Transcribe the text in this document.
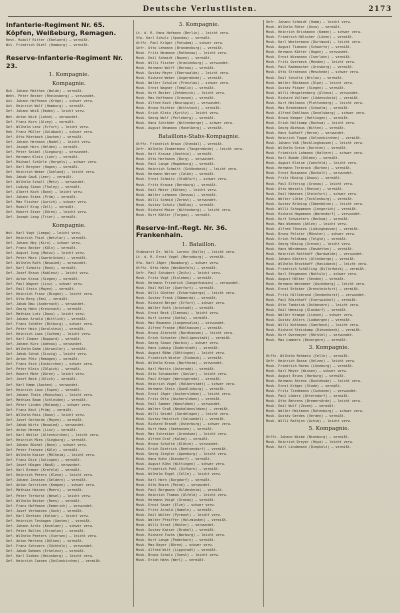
Deutsche Verlustlisten.	2173
Infanterie-Regiment Nr. 65. Köpfen, Weißeburg, Remagen.
Rest. Rudolf Ritter (Ebelwerd) — vermißt.
Wit. Friedrich Dietl (Hamburg) — vermißt.
Reserve-Infanterie-Regiment Nr. 23.
1. Kompagnie.
Kompagnie.
Bch. Johann Matthes (Walde) — vermißt.
Weht. Peter Becker (Rheinsberg) — verwundet.
Aut. Johann Hoffmann (Kröge) — schwer verw.
Aut. Heinrich Wolf (Homburg) — vermißt.
Gef. Johann Weiß (Emden) — leicht verw.
Wet. Anton Wick (Lohne) — verwundet.
Gef. Franz Korn (Alzey) — vermißt.
Gef. Wilhelm Lenz (Erfurt) — leicht verw.
Rek. Franz Müller (Goldbach) — schwer verw.
Gef. Otto Mierbach (Aachen) — vermißt.
Gef. Johann Hermann (Nadel) — leicht verw.
Gef. Joseph Horn (Helden) — vermißt.
Gef. Peter Seibel (Siegburg) — verwundet.
Gef. Hermann Klein (Lohr) — vermißt.
Gef. Michael Schürle (Hergels) — schwer verw.
Gef. Karl Bergner (Hagen) — vermißt.
Gef. Heinrich Weber (Sohland) — leicht verw.
Rek. Jakob Gauß (Leer) — vermißt.
Gef. Wilhelm Scholl (Metz) — verwundet.
Gef. Ludwig Simon (Tholey) — vermißt.
Gef. Albert Koch (Bonn) — leicht verw.
Gef. Johann Eckes (Prüm) — vermißt.
Gef. Max Fischer (Aurich) — schwer verw.
Gef. Rudolf Krug (Zell) — vermißt.
Gef. Hubert Esser (Düren) — leicht verw.
Gef. Joseph Lang (Trier) — vermißt.
Kompagnie.
Wst. Karl Vogt (Lemgo) — leicht verw.
Gef. Heinrich Thiel (Wetzlar) — vermißt.
Gef. Johann Ney (Kirn) — schwer verw.
Gef. Franz Becker (Köln) — vermißt.
Gef. August Jung (Mainz) — leicht verw.
Gef. Peter Marx (Saarbrücken) — vermißt.
Gef. Wilhelm Roth (Neuwied) — verwundet.
Gef. Karl Schmitz (Bonn) — vermißt.
Gef. Josef Braun (Koblenz) — leicht verw.
Gef. Anton Kraus (Siegen) — vermißt.
Gef. Paul Wagner (Linz) — schwer verw.
Gef. Emil Stein (Mayen) — vermißt.
Gef. Heinrich Franz (Bingen) — leicht verw.
Gef. Otto Berg (Ems) — vermißt.
Gef. Jakob Nau (Andernach) — verwundet.
Gef. Georg Hahn (Kreuznach) — vermißt.
Gef. Mathias Lutz (Daun) — leicht verw.
Gef. Johann Arnold (Wittlich) — vermißt.
Gef. Franz Schäfer (Bitburg) — schwer verw.
Gef. Peter Hein (Gerolstein) — vermißt.
Gef. Heinrich Loos (Cochem) — leicht verw.
Gef. Karl Zimmer (Boppard) — vermißt.
Gef. Johann Kurz (Adenau) — verwundet.
Gef. Wilhelm Dahm (Ahrweiler) — vermißt.
Gef. Jakob Schuh (Sinzig) — leicht verw.
Gef. Anton Pütz (Remagen) — vermißt.
Gef. Franz Esch (Euskirchen) — schwer verw.
Gef. Peter Klein (Zülpich) — vermißt.
Gef. Hubert Mohr (Düren) — leicht verw.
Gef. Josef Beck (Jülich) — vermißt.
Gef. Karl Hamm (Aachen) — verwundet.
Gef. Heinrich Laux (Eupen) — vermißt.
Gef. Johann Theis (Monschau) — leicht verw.
Gef. Mathias Baum (Schleiden) — vermißt.
Gef. Peter Linden (Malmedy) — schwer verw.
Gef. Franz Keul (Prüm) — vermißt.
Gef. Wilhelm Reis (Daun) — leicht verw.
Gef. Josef Gerhards (Mayen) — vermißt.
Gef. Jakob Wirtz (Neuwied) — verwundet.
Gef. Anton Hermes (Linz) — vermißt.
Gef. Karl Weiler (Altenkirchen) — leicht verw.
Gef. Heinrich Mies (Siegburg) — vermißt.
Gef. Johann Büchel (Bonn) — schwer verw.
Gef. Peter Franzen (Köln) — vermißt.
Gef. Wilhelm Kaiser (Mülheim) — leicht verw.
Gef. Franz Dick (Solingen) — vermißt.
Gef. Josef Hüsgen (Neuß) — verwundet.
Gef. Karl Bremer (Krefeld) — vermißt.
Gef. Heinrich Peters (Kleve) — leicht verw.
Gef. Johann Janssen (Geldern) — vermißt.
Gef. Anton Gerritzen (Kempen) — schwer verw.
Gef. Mathias Heinen (Moers) — vermißt.
Gef. Peter Terhorst (Wesel) — leicht verw.
Gef. Wilhelm Becker (Rees) — vermißt.
Gef. Franz Hoffmann (Emmerich) — verwundet.
Gef. Josef Verhoeven (Goch) — vermißt.
Gef. Karl Derksen (Kalkar) — leicht verw.
Gef. Heinrich Tenhagen (Xanten) — vermißt.
Gef. Johann Arntz (Kevelaer) — schwer verw.
Gef. Peter Bollen (Straelen) — vermißt.
Gef. Wilhelm Peeters (Viersen) — leicht verw.
Gef. Anton Mertens (Dülken) — vermißt.
Gef. Franz Schroers (Süchteln) — verwundet.
Gef. Jakob Dohmen (Erkelenz) — vermißt.
Gef. Karl Sieben (Heinsberg) — leicht verw.
Gef. Heinrich Coenen (Geilenkirchen) — vermißt.
3. Kompagnie.
Lt. d. R. Hans Hofmann (Berlin) — leicht verw.
Vfw. Karl Schulz (Spandau) — vermißt.
Utffz. Paul Krüger (Potsdam) — schwer verw.
Gefr. Otto Lehmann (Brandenburg) — vermißt.
Musk. Fritz Neumann (Rathenow) — leicht verw.
Musk. Emil Schmidt (Nauen) — vermißt.
Musk. Willi Fischer (Oranienburg) — verwundet.
Musk. Hermann Wolff (Bernau) — vermißt.
Musk. Gustav Meyer (Eberswalde) — leicht verw.
Musk. Richard Weber (Angermünde) — vermißt.
Musk. Walter Schulze (Prenzlau) — schwer verw.
Musk. Ernst Wagner (Templin) — vermißt.
Musk. Kurt Becker (Zehdenick) — leicht verw.
Musk. Max Hoffmann (Gransee) — vermißt.
Musk. Alfred Koch (Neuruppin) — verwundet.
Musk. Bruno Richter (Wittstock) — vermißt.
Musk. Erich Klein (Kyritz) — leicht verw.
Musk. Georg Wolf (Perleberg) — vermißt.
Musk. Hans Schröder (Wittenberge) — schwer verw.
Musk. August Neumann (Havelberg) — vermißt.
Bataillons-Stabs-Kompagnie.
Utffz. Friedrich Braun (Stendal) — vermißt.
Gefr. Wilhelm Zimmermann (Tangermünde) — leicht verw.
Musk. Karl Krause (Genthin) — vermißt.
Musk. Otto Hartmann (Burg) — verwundet.
Musk. Paul Lange (Magdeburg) — vermißt.
Musk. Heinrich Schmitt (Schönebeck) — leicht verw.
Musk. Hermann Werner (Calbe) — vermißt.
Musk. Ernst Schmitz (Staßfurt) — schwer verw.
Musk. Fritz Krause (Bernburg) — vermißt.
Musk. Emil Meier (Köthen) — leicht verw.
Musk. Walter Lehmann (Dessau) — vermißt.
Musk. Willi Schmid (Zerbst) — verwundet.
Musk. Gustav Schulz (Roßlau) — vermißt.
Musk. Richard Maier (Wittenberg) — leicht verw.
Musk. Kurt Köhler (Torgau) — vermißt.
Reserve-Inf.-Regt. Nr. 36. Frankenhain.
1. Bataillon.
Stabsarzt Dr. Wilh. Lorenz (Halle) — leicht verw.
Lt. d. R. Ernst Vogel (Merseburg) — vermißt.
Vfw. Karl Jäger (Naumburg) — schwer verw.
Utffz. Otto Hahn (Weißenfels) — vermißt.
Gefr. Paul Schubert (Zeitz) — leicht verw.
Musk. Fritz Vogt (Eisleben) — vermißt.
Musk. Hermann Friedrich (Sangerhausen) — verwundet.
Musk. Emil Keller (Querfurt) — vermißt.
Musk. Willi Günther (Eckartsberga) — leicht verw.
Musk. Gustav Frank (Sömmerda) — vermißt.
Musk. Richard Berger (Erfurt) — schwer verw.
Musk. Walter Roth (Arnstadt) — vermißt.
Musk. Ernst Beck (Ilmenau) — leicht verw.
Musk. Kurt Lorenz (Gotha) — vermißt.
Musk. Max Baumann (Langensalza) — verwundet.
Musk. Alfred Franke (Mühlhausen) — vermißt.
Musk. Bruno Albrecht (Nordhausen) — leicht verw.
Musk. Erich Schuster (Heiligenstadt) — vermißt.
Musk. Georg Simon (Worbis) — schwer verw.
Musk. Hans Ludwig (Duderstadt) — vermißt.
Musk. August Böhm (Göttingen) — leicht verw.
Musk. Friedrich Winter (Einbeck) — vermißt.
Musk. Wilhelm Kraus (Northeim) — verwundet.
Musk. Karl Martin (Osterode) — vermißt.
Musk. Otto Schumacher (Goslar) — leicht verw.
Musk. Paul Krüger (Wernigerode) — vermißt.
Musk. Heinrich Vogel (Halberstadt) — schwer verw.
Musk. Hermann Stein (Quedlinburg) — vermißt.
Musk. Ernst Jäger (Aschersleben) — leicht verw.
Musk. Fritz Otto (Oschersleben) — vermißt.
Musk. Emil Sommer (Wanzleben) — verwundet.
Musk. Walter Groß (Neuhaldensleben) — vermißt.
Musk. Willi Seidel (Gardelegen) — leicht verw.
Musk. Gustav Heinrich (Salzwedel) — vermißt.
Musk. Richard Brandt (Osterburg) — schwer verw.
Musk. Kurt Haas (Seehausen) — vermißt.
Musk. Max Schreiber (Arendsee) — leicht verw.
Musk. Alfred Graf (Kalbe) — vermißt.
Musk. Bruno Schulte (Klötze) — verwundet.
Musk. Erich Dietrich (Beetzendorf) — vermißt.
Musk. Georg Ziegler (Apenburg) — leicht verw.
Musk. Hans Kuhn (Diesdorf) — vermißt.
Musk. August Kühn (Wittingen) — schwer verw.
Musk. Friedrich Pohl (Gifhorn) — vermißt.
Musk. Wilhelm Engel (Celle) — leicht verw.
Musk. Karl Horn (Burgdorf) — vermißt.
Musk. Otto Busch (Peine) — verwundet.
Musk. Paul Bergmann (Hildesheim) — vermißt.
Musk. Heinrich Thomas (Alfeld) — leicht verw.
Musk. Hermann Voigt (Gronau) — vermißt.
Musk. Ernst Sauer (Elze) — schwer verw.
Musk. Fritz Arnold (Hameln) — vermißt.
Musk. Emil Wolter (Pyrmont) — leicht verw.
Musk. Walter Pfeiffer (Holzminden) — vermißt.
Musk. Willi Ernst (Höxter) — verwundet.
Musk. Gustav Kaiser (Brakel) — vermißt.
Musk. Richard Fuchs (Warburg) — leicht verw.
Musk. Kurt Lange (Paderborn) — vermißt.
Musk. Max Beyer (Büren) — schwer verw.
Musk. Alfred Witt (Lippstadt) — vermißt.
Musk. Bruno Scholz (Soest) — leicht verw.
Musk. Erich Hahn (Werl) — vermißt.
Gefr. Johann Schmidt (Hamm) — leicht verw.
Musk. Wilhelm Rüter (Unna) — vermißt.
Musk. Heinrich Brinkmann (Kamen) — schwer verw.
Musk. Friedrich Hölscher (Lünen) — vermißt.
Musk. Karl Westermann (Dortmund) — leicht verw.
Musk. August Tiemann (Schwerte) — vermißt.
Musk. Hermann Kötter (Hagen) — verwundet.
Musk. Ernst Wiesmann (Iserlohn) — vermißt.
Musk. Fritz Overbeck (Menden) — leicht verw.
Musk. Paul Rademacher (Arnsberg) — vermißt.
Musk. Otto Stratmann (Meschede) — schwer verw.
Musk. Emil Schulte (Brilon) — vermißt.
Musk. Walter Böckmann (Olpe) — leicht verw.
Musk. Gustav Pieper (Siegen) — vermißt.
Musk. Willi Hengstenberg (Altena) — verwundet.
Musk. Richard Vollmer (Lüdenscheid) — vermißt.
Musk. Kurt Heilmann (Plettenberg) — leicht verw.
Musk. Max Bredenbeck (Schwelm) — vermißt.
Musk. Alfred Dahlhaus (Gevelsberg) — schwer verw.
Musk. Bruno Kemper (Hattingen) — vermißt.
Musk. Erich Holtkamp (Bochum) — leicht verw.
Musk. Georg Niehaus (Witten) — vermißt.
Musk. Hans Sudhoff (Herne) — verwundet.
Musk. Heinrich Tappe (Gelsenkirchen) — vermißt.
Musk. Johann Voß (Recklinghausen) — leicht verw.
Musk. Wilhelm Greve (Dorsten) — vermißt.
Musk. Friedrich Lohmann (Haltern) — schwer verw.
Musk. Karl Budde (Dülmen) — vermißt.
Musk. August Kleine (Coesfeld) — leicht verw.
Musk. Hermann Terbrack (Borken) — vermißt.
Musk. Ernst Bussmann (Bocholt) — verwundet.
Musk. Fritz Hüning (Ahaus) — vermißt.
Musk. Paul Elfering (Gronau) — leicht verw.
Musk. Otto Wessels (Rheine) — vermißt.
Musk. Emil Hakenes (Steinfurt) — schwer verw.
Musk. Walter Lütke (Tecklenburg) — vermißt.
Musk. Gustav Brüning (Ibbenbüren) — leicht verw.
Musk. Willi Schoppmann (Lengerich) — vermißt.
Musk. Richard Hagemann (Warendorf) — verwundet.
Musk. Kurt Schwieters (Beckum) — vermißt.
Musk. Max Wiemann (Ahlen) — leicht verw.
Musk. Alfred Tönnies (Lüdinghausen) — vermißt.
Musk. Bruno Pelster (Münster) — schwer verw.
Musk. Erich Feldkamp (Telgte) — vermißt.
Musk. Georg Hüsing (Greven) — leicht verw.
Musk. Hans Wördemann (Emsdetten) — vermißt.
Musk. Heinrich Rotthoff (Nordwalde) — verwundet.
Musk. Johann Kösters (Altenberge) — vermißt.
Musk. Wilhelm Brockhoff (Havixbeck) — leicht verw.
Musk. Friedrich Schölling (Billerbeck) — vermißt.
Musk. Karl Stegemann (Nottuln) — schwer verw.
Musk. August Hölker (Senden) — vermißt.
Musk. Hermann Wennemer (Ascheberg) — leicht verw.
Musk. Ernst Bröcker (Drensteinfurt) — vermißt.
Musk. Fritz Hillebrand (Sendenhorst) — verwundet.
Musk. Paul Rüschhoff (Everswinkel) — vermißt.
Musk. Otto Tombrink (Ostbevern) — leicht verw.
Musk. Emil Hemsing (Glandorf) — vermißt.
Musk. Walter Krampe (Lienen) — schwer verw.
Musk. Gustav Ahlers (Ladbergen) — vermißt.
Musk. Willi Kottmann (Saerbeck) — leicht verw.
Musk. Richard Steinkamp (Riesenbeck) — vermißt.
Musk. Kurt Overmeyer (Hörstel) — verwundet.
Musk. Max Lammers (Bevergern) — vermißt.
3. Kompagnie.
Utffz. Wilhelm Rehbein (Celle) — vermißt.
Gefr. Heinrich Bosse (Uelzen) — leicht verw.
Musk. Friedrich Harms (Lüneburg) — vermißt.
Musk. Karl Meyer (Winsen) — schwer verw.
Musk. August Bruns (Harburg) — vermißt.
Musk. Hermann Ahrens (Buxtehude) — leicht verw.
Musk. Ernst Kröger (Stade) — vermißt.
Musk. Fritz Tiedemann (Cuxhaven) — verwundet.
Musk. Paul Lüders (Otterndorf) — vermißt.
Musk. Otto Behrens (Bremervörde) — leicht verw.
Musk. Emil Wulf (Zeven) — vermißt.
Musk. Walter Heitmann (Rotenburg) — schwer verw.
Musk. Gustav Gerdes (Verden) — vermißt.
Musk. Willi Rathjen (Achim) — leicht verw.
5. Kompagnie.
Utffz. Johann Wiebe (Nienburg) — vermißt.
Musk. Heinrich Dreyer (Hoya) — leicht verw.
Musk. Karl Lindemann (Diepholz) — vermißt.
